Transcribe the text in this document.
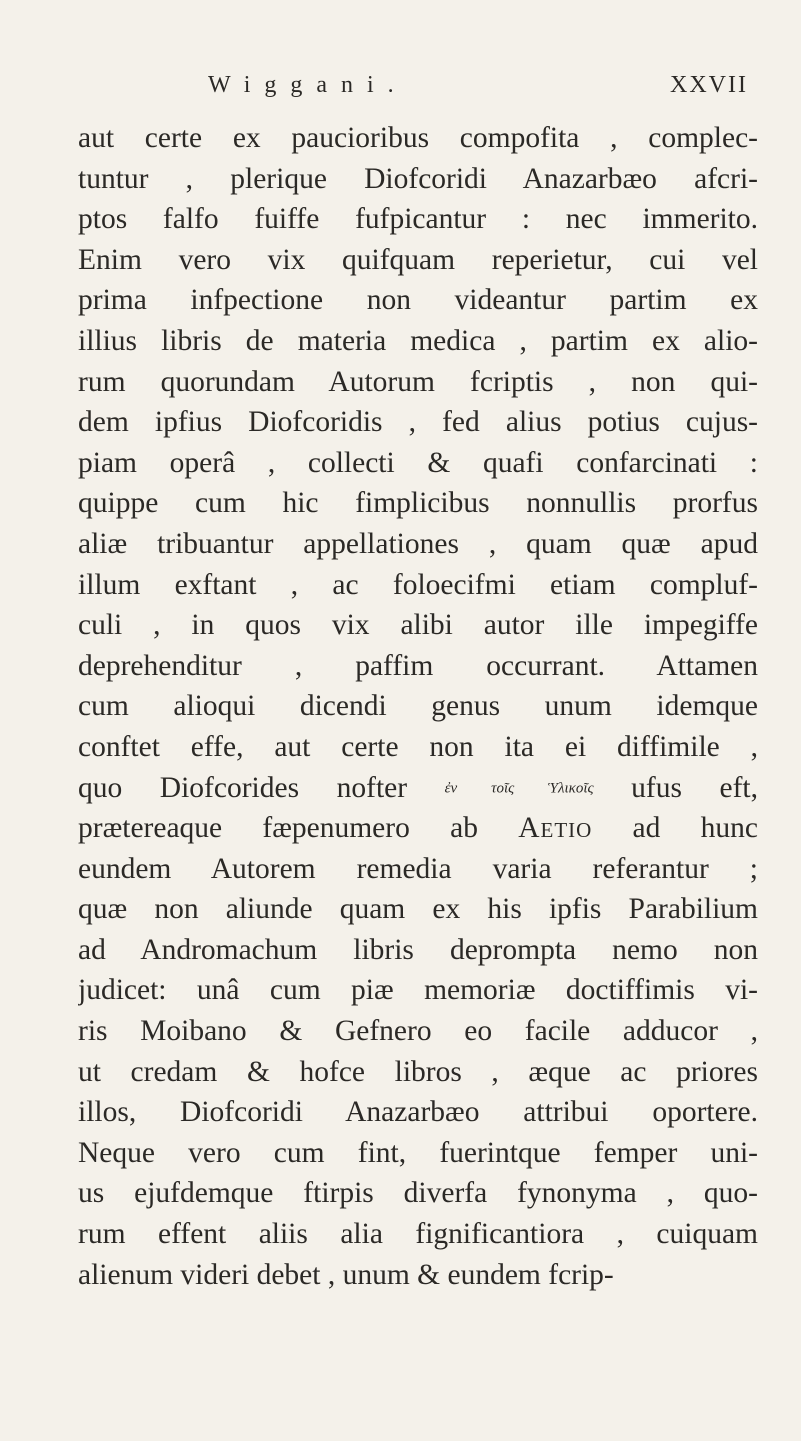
Wiggani.	XXVII
aut certe ex paucioribus compofita , complec-
tuntur , plerique Diofcoridi Anazarbæo afcri-
ptos falfo fuiffe fufpicantur : nec immerito.
Enim vero vix quifquam reperietur, cui vel
prima infpectione non videantur partim ex
illius libris de materia medica , partim ex alio-
rum quorundam Autorum fcriptis , non qui-
dem ipfius Diofcoridis , fed alius potius cujus-
piam operâ , collecti & quafi confarcinati :
quippe cum hic fimplicibus nonnullis prorfus
aliæ tribuantur appellationes , quam quæ apud
illum exftant , ac foloecifmi etiam compluf-
culi , in quos vix alibi autor ille impegiffe
deprehenditur , paffim occurrant. Attamen
cum alioqui dicendi genus unum idemque
conftet effe, aut certe non ita ei diffimile ,
quo Diofcorides nofter ἐν τοῖς Ὑλικοῖς ufus eft,
prætereaque fæpenumero ab Aetio ad hunc
eundem Autorem remedia varia referantur ;
quæ non aliunde quam ex his ipfis Parabilium
ad Andromachum libris deprompta nemo non
judicet: unâ cum piæ memoriæ doctiffimis vi-
ris Moibano & Gefnero eo facile adducor ,
ut credam & hofce libros , æque ac priores
illos, Diofcoridi Anazarbæo attribui oportere.
Neque vero cum fint, fuerintque femper uni-
us ejufdemque ftirpis diverfa fynonyma , quo-
rum effent aliis alia fignificantiora , cuiquam
alienum videri debet , unum & eundem fcrip-
